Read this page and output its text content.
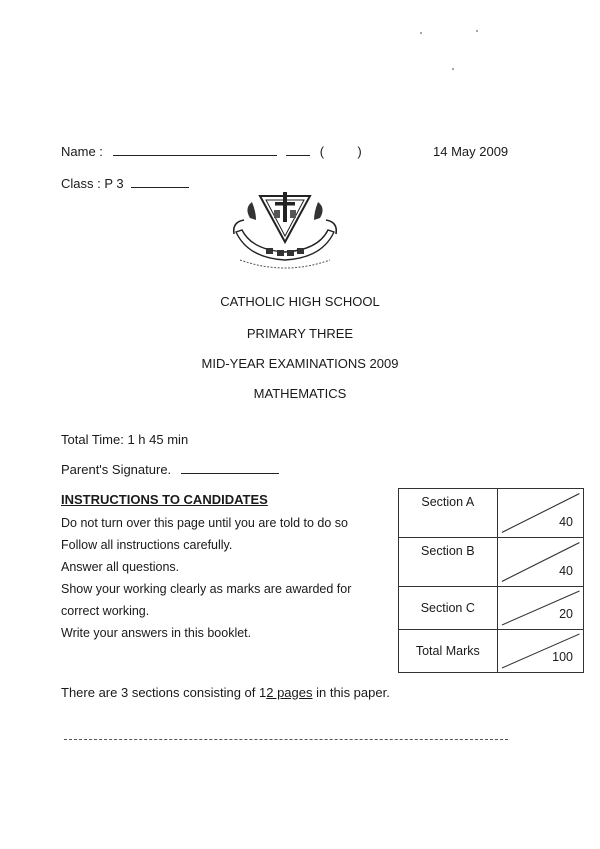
Name :	(	)	14 May 2009
Class : P 3
CATHOLIC HIGH SCHOOL
PRIMARY THREE
MID-YEAR EXAMINATIONS 2009
MATHEMATICS
Total Time: 1 h 45 min
Parent's Signature.
INSTRUCTIONS TO CANDIDATES

Do not turn over this page until you are told to do so

Follow all instructions carefully.

Answer all questions.

Show your working clearly as marks are awarded for

correct working.

Write your answers in this booklet.

Section A	40

Section B	40

Section C	20

Total Marks	100
There are 3 sections consisting of 12 pages in this paper.
